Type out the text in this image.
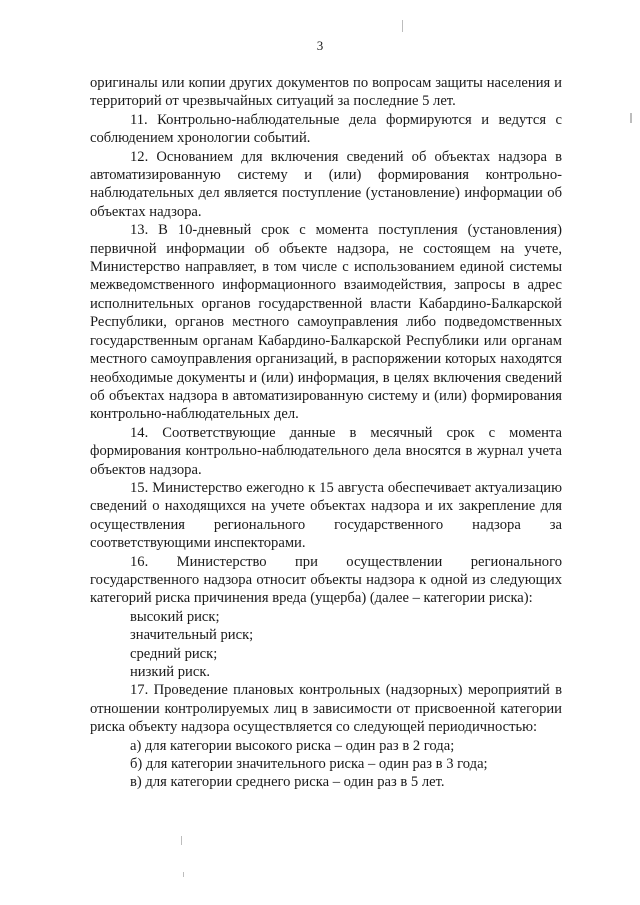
3

оригиналы или копии других документов по вопросам защиты населения и территорий от чрезвычайных ситуаций за последние 5 лет.

11. Контрольно-наблюдательные дела формируются и ведутся с соблюдением хронологии событий.

12. Основанием для включения сведений об объектах надзора в автоматизированную систему и (или) формирования контрольно-наблюдательных дел является поступление (установление) информации об объектах надзора.

13. В 10-дневный срок с момента поступления (установления) первичной информации об объекте надзора, не состоящем на учете, Министерство направляет, в том числе с использованием единой системы межведомственного информационного взаимодействия, запросы в адрес исполнительных органов государственной власти Кабардино-Балкарской Республики, органов местного самоуправления либо подведомственных государственным органам Кабардино-Балкарской Республики или органам местного самоуправления организаций, в распоряжении которых находятся необходимые документы и (или) информация, в целях включения сведений об объектах надзора в автоматизированную систему и (или) формирования контрольно-наблюдательных дел.

14. Соответствующие данные в месячный срок с момента формирования контрольно-наблюдательного дела вносятся в журнал учета объектов надзора.

15. Министерство ежегодно к 15 августа обеспечивает актуализацию сведений о находящихся на учете объектах надзора и их закрепление для осуществления регионального государственного надзора за соответствующими инспекторами.

16. Министерство при осуществлении регионального государственного надзора относит объекты надзора к одной из следующих категорий риска причинения вреда (ущерба) (далее – категории риска):

высокий риск;

значительный риск;

средний риск;

низкий риск.

17. Проведение плановых контрольных (надзорных) мероприятий в отношении контролируемых лиц в зависимости от присвоенной категории риска объекту надзора осуществляется со следующей периодичностью:

а) для категории высокого риска – один раз в 2 года;

б) для категории значительного риска – один раз в 3 года;

в) для категории среднего риска – один раз в 5 лет.
